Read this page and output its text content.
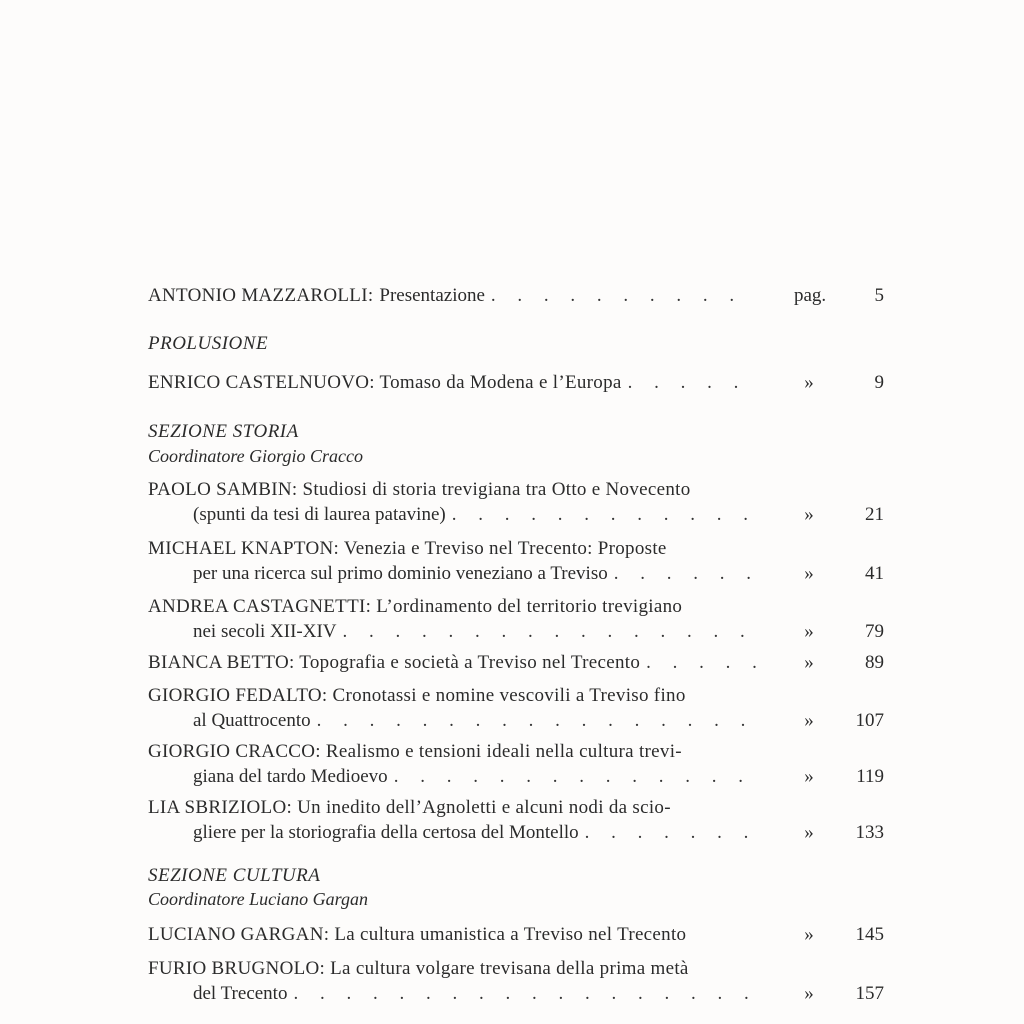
ANTONIO MAZZAROLLI: Presentazione . . .	pag.	5
PROLUSIONE
ENRICO CASTELNUOVO: Tomaso da Modena e l’Europa . . .	»	9
SEZIONE STORIA
Coordinatore Giorgio Cracco
PAOLO SAMBIN: Studiosi di storia trevigiana tra Otto e Novecento
(spunti da tesi di laurea patavine) . . .	»	21
MICHAEL KNAPTON: Venezia e Treviso nel Trecento: Proposte
per una ricerca sul primo dominio veneziano a Treviso . . .	»	41
ANDREA CASTAGNETTI: L’ordinamento del territorio trevigiano
nei secoli XII-XIV . . .	»	79
BIANCA BETTO: Topografia e società a Treviso nel Trecento . . .	»	89
GIORGIO FEDALTO: Cronotassi e nomine vescovili a Treviso fino
al Quattrocento . . .	»	107
GIORGIO CRACCO: Realismo e tensioni ideali nella cultura trevi-
giana del tardo Medioevo . . .	»	119
LIA SBRIZIOLO: Un inedito dell’Agnoletti e alcuni nodi da scio-
gliere per la storiografia della certosa del Montello . . .	»	133
SEZIONE CULTURA
Coordinatore Luciano Gargan
LUCIANO GARGAN: La cultura umanistica a Treviso nel Trecento	»	145
FURIO BRUGNOLO: La cultura volgare trevisana della prima metà
del Trecento . . .	»	157
